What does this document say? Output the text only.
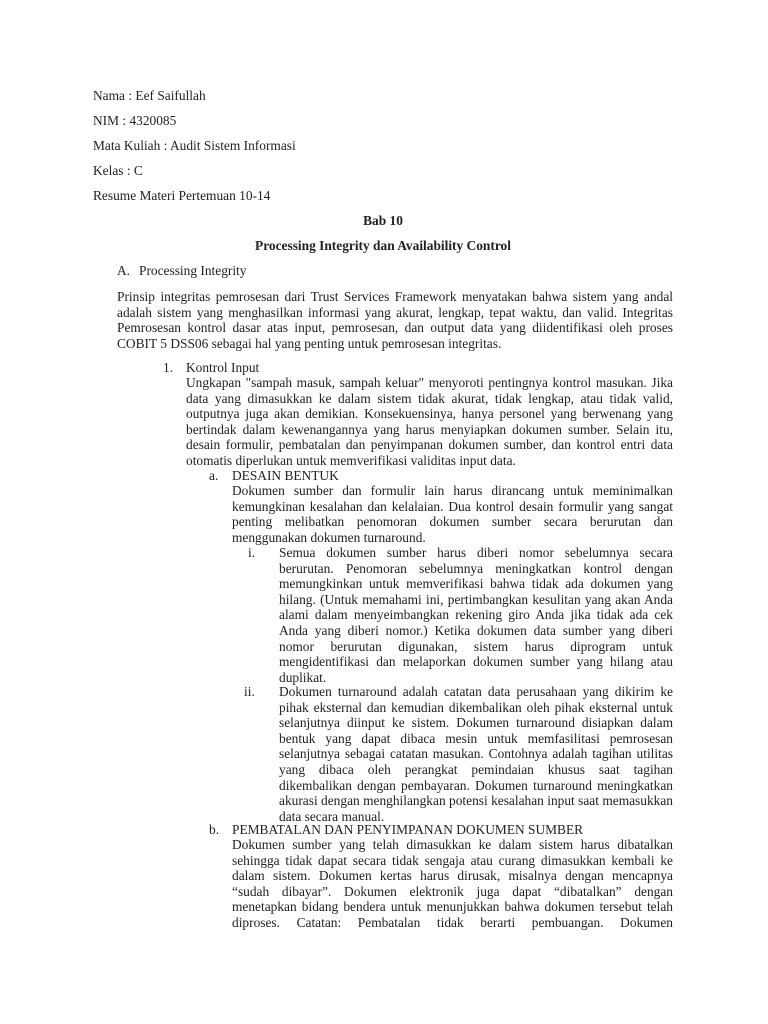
Nama : Eef Saifullah
NIM : 4320085
Mata Kuliah : Audit Sistem Informasi
Kelas : C
Resume Materi Pertemuan 10-14
Bab 10
Processing Integrity dan Availability Control
A. Processing Integrity

Prinsip integritas pemrosesan dari Trust Services Framework menyatakan bahwa sistem yang andal adalah sistem yang menghasilkan informasi yang akurat, lengkap, tepat waktu, dan valid. Integritas Pemrosesan kontrol dasar atas input, pemrosesan, dan output data yang diidentifikasi oleh proses COBIT 5 DSS06 sebagai hal yang penting untuk pemrosesan integritas.

1. Kontrol Input

Ungkapan "sampah masuk, sampah keluar" menyoroti pentingnya kontrol masukan. Jika data yang dimasukkan ke dalam sistem tidak akurat, tidak lengkap, atau tidak valid, outputnya juga akan demikian. Konsekuensinya, hanya personel yang berwenang yang bertindak dalam kewenangannya yang harus menyiapkan dokumen sumber. Selain itu, desain formulir, pembatalan dan penyimpanan dokumen sumber, dan kontrol entri data otomatis diperlukan untuk memverifikasi validitas input data.

a. DESAIN BENTUK

Dokumen sumber dan formulir lain harus dirancang untuk meminimalkan kemungkinan kesalahan dan kelalaian. Dua kontrol desain formulir yang sangat penting melibatkan penomoran dokumen sumber secara berurutan dan menggunakan dokumen turnaround.

i. Semua dokumen sumber harus diberi nomor sebelumnya secara berurutan. Penomoran sebelumnya meningkatkan kontrol dengan memungkinkan untuk memverifikasi bahwa tidak ada dokumen yang hilang. (Untuk memahami ini, pertimbangkan kesulitan yang akan Anda alami dalam menyeimbangkan rekening giro Anda jika tidak ada cek Anda yang diberi nomor.) Ketika dokumen data sumber yang diberi nomor berurutan digunakan, sistem harus diprogram untuk mengidentifikasi dan melaporkan dokumen sumber yang hilang atau duplikat.

ii. Dokumen turnaround adalah catatan data perusahaan yang dikirim ke pihak eksternal dan kemudian dikembalikan oleh pihak eksternal untuk selanjutnya diinput ke sistem. Dokumen turnaround disiapkan dalam bentuk yang dapat dibaca mesin untuk memfasilitasi pemrosesan selanjutnya sebagai catatan masukan. Contohnya adalah tagihan utilitas yang dibaca oleh perangkat pemindaian khusus saat tagihan dikembalikan dengan pembayaran. Dokumen turnaround meningkatkan akurasi dengan menghilangkan potensi kesalahan input saat memasukkan data secara manual.

b. PEMBATALAN DAN PENYIMPANAN DOKUMEN SUMBER

Dokumen sumber yang telah dimasukkan ke dalam sistem harus dibatalkan sehingga tidak dapat secara tidak sengaja atau curang dimasukkan kembali ke dalam sistem. Dokumen kertas harus dirusak, misalnya dengan mencapnya “sudah dibayar”. Dokumen elektronik juga dapat “dibatalkan” dengan menetapkan bidang bendera untuk menunjukkan bahwa dokumen tersebut telah diproses. Catatan: Pembatalan tidak berarti pembuangan. Dokumen
